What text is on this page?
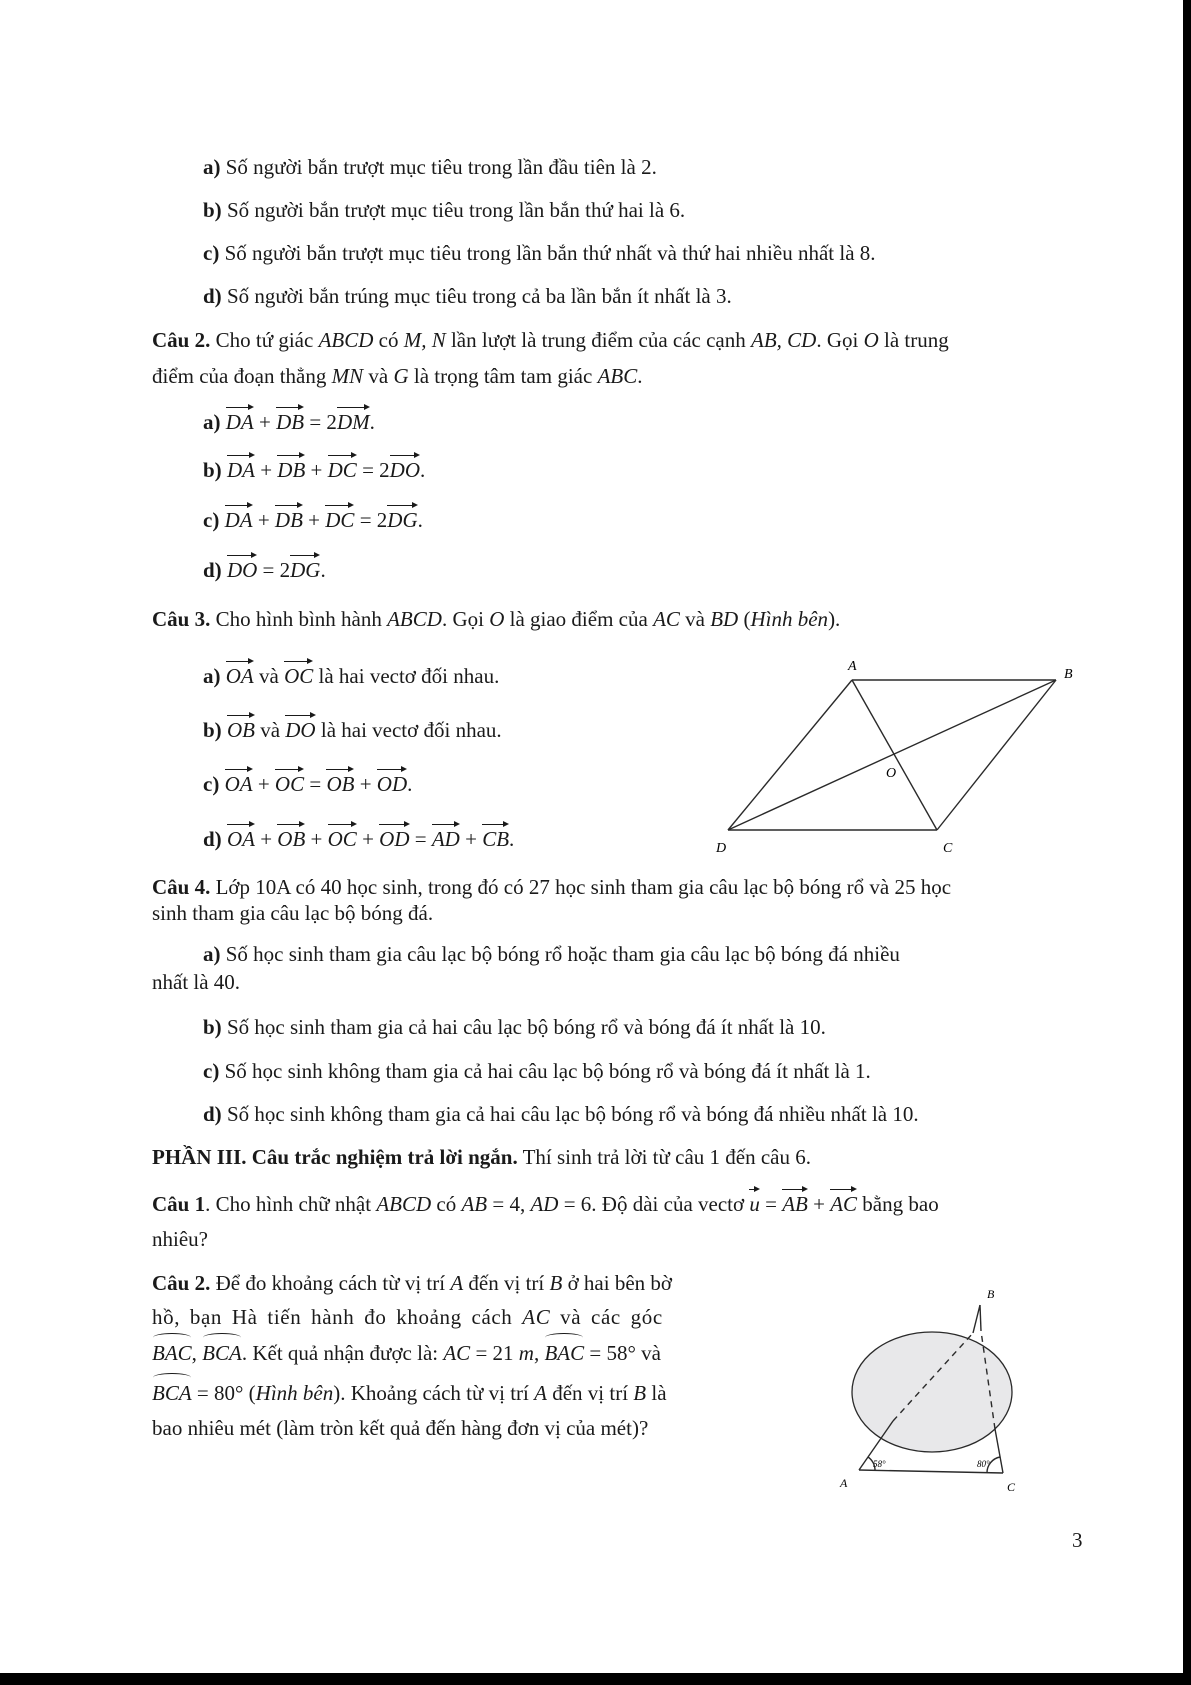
a) Số người bắn trượt mục tiêu trong lần đầu tiên là 2.
b) Số người bắn trượt mục tiêu trong lần bắn thứ hai là 6.
c) Số người bắn trượt mục tiêu trong lần bắn thứ nhất và thứ hai nhiều nhất là 8.
d) Số người bắn trúng mục tiêu trong cả ba lần bắn ít nhất là 3.
Câu 2. Cho tứ giác ABCD có M, N lần lượt là trung điểm của các cạnh AB, CD. Gọi O là trung
điểm của đoạn thẳng MN và G là trọng tâm tam giác ABC.
a) DA + DB = 2DM.
b) DA + DB + DC = 2DO.
c) DA + DB + DC = 2DG.
d) DO = 2DG.
Câu 3. Cho hình bình hành ABCD. Gọi O là giao điểm của AC và BD (Hình bên).
a) OA và OC là hai vectơ đối nhau.
b) OB và DO là hai vectơ đối nhau.
c) OA + OC = OB + OD.
d) OA + OB + OC + OD = AD + CB.
A
B
C
D
O
Câu 4. Lớp 10A có 40 học sinh, trong đó có 27 học sinh tham gia câu lạc bộ bóng rổ và 25 học
sinh tham gia câu lạc bộ bóng đá.
a) Số học sinh tham gia câu lạc bộ bóng rổ hoặc tham gia câu lạc bộ bóng đá nhiều
nhất là 40.
b) Số học sinh tham gia cả hai câu lạc bộ bóng rổ và bóng đá ít nhất là 10.
c) Số học sinh không tham gia cả hai câu lạc bộ bóng rổ và bóng đá ít nhất là 1.
d) Số học sinh không tham gia cả hai câu lạc bộ bóng rổ và bóng đá nhiều nhất là 10.
PHẦN III. Câu trắc nghiệm trả lời ngắn. Thí sinh trả lời từ câu 1 đến câu 6.
Câu 1. Cho hình chữ nhật ABCD có AB = 4, AD = 6. Độ dài của vectơ u = AB + AC bằng bao
nhiêu?
Câu 2. Để đo khoảng cách từ vị trí A đến vị trí B ở hai bên bờ
hồ, bạn Hà tiến hành đo khoảng cách AC và các góc
BAC, BCA. Kết quả nhận được là: AC = 21 m, BAC = 58° và
BCA = 80° (Hình bên). Khoảng cách từ vị trí A đến vị trí B là
bao nhiêu mét (làm tròn kết quả đến hàng đơn vị của mét)?
B
A	C
58°	80°
3
